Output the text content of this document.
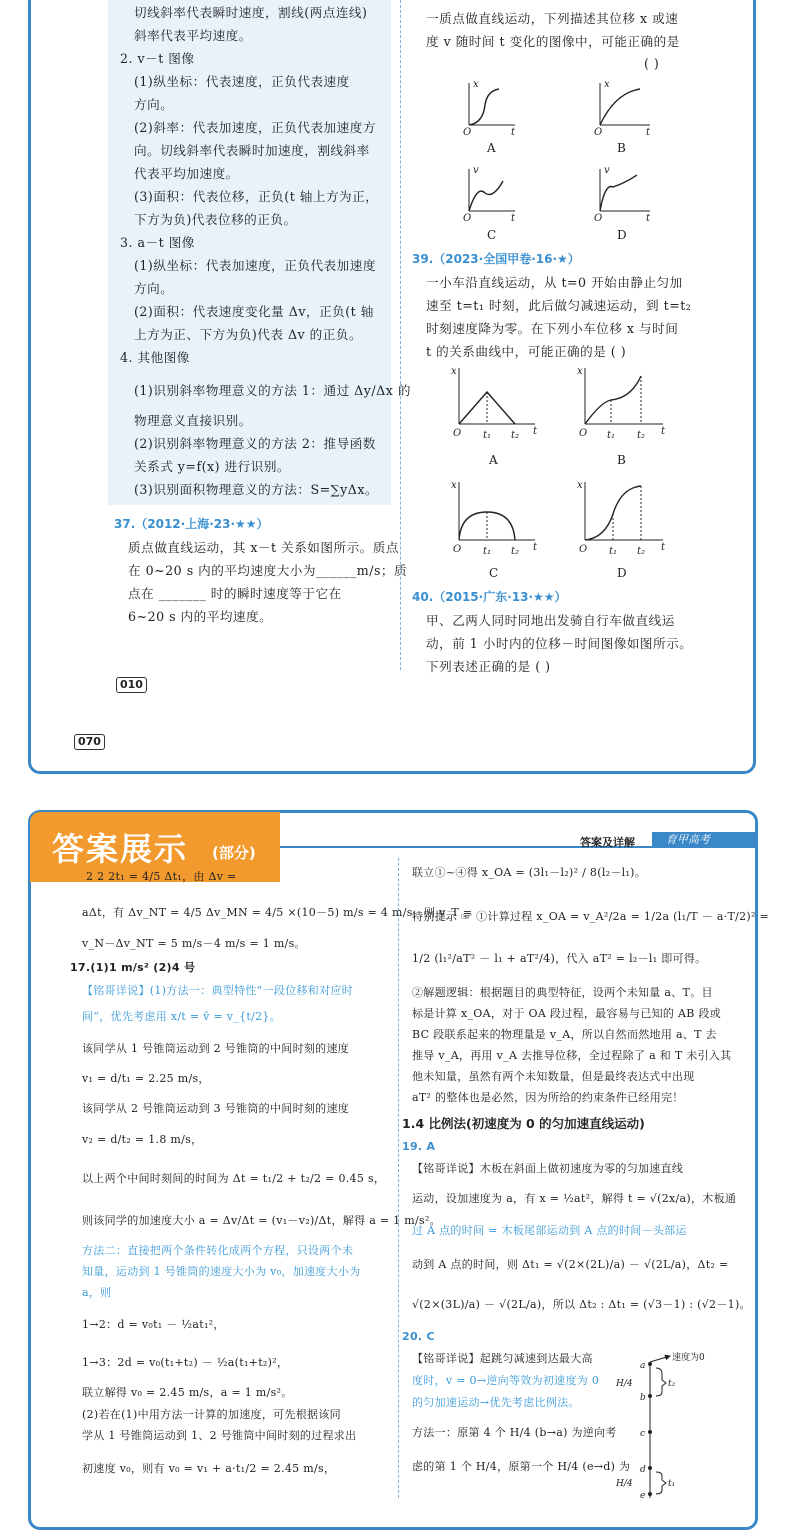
切线斜率代表瞬时速度，割线(两点连线)
斜率代表平均速度。
2. v－t 图像
(1)纵坐标：代表速度，正负代表速度
方向。
(2)斜率：代表加速度，正负代表加速度方
向。切线斜率代表瞬时加速度，割线斜率
代表平均加速度。
(3)面积：代表位移，正负(t 轴上方为正，
下方为负)代表位移的正负。
3. a－t 图像
(1)纵坐标：代表加速度，正负代表加速度
方向。
(2)面积：代表速度变化量 Δv，正负(t 轴
上方为正、下方为负)代表 Δv 的正负。
4. 其他图像
(1)识别斜率物理意义的方法 1：通过 Δy/Δx 的
物理意义直接识别。
(2)识别斜率物理意义的方法 2：推导函数
关系式 y=f(x) 进行识别。
(3)识别面积物理意义的方法：S=∑yΔx。
37.（2012·上海·23·★★）
质点做直线运动，其 x－t 关系如图所示。质点
在 0~20 s 内的平均速度大小为______m/s；质
点在 _______ 时的瞬时速度等于它在
6~20 s 内的平均速度。
一质点做直线运动，下列描述其位移 x 或速
度 v 随时间 t 变化的图像中，可能正确的是
( )
x
t
O
x
t
O
v
t
O
v
t
O
A	B
C	D
39.（2023·全国甲卷·16·★）
一小车沿直线运动，从 t=0 开始由静止匀加
速至 t=t₁ 时刻，此后做匀减速运动，到 t=t₂
时刻速度降为零。在下列小车位移 x 与时间
t 的关系曲线中，可能正确的是 ( )
x
O t₁ t₂ t
x
O t₁ t₂ t
x
O t₁ t₂ t
x
O t₁ t₂ t
A	B
C	D
40.（2015·广东·13·★★）
甲、乙两人同时同地出发骑自行车做直线运
动，前 1 小时内的位移－时间图像如图所示。
下列表述正确的是 ( )
010
070
答案及详解	育甲高考
答案展示 (部分)
2 2 2t₁ = 4/5 Δt₁，由 Δv =
aΔt，有 Δv_NT = 4/5 Δv_MN = 4/5 ×(10－5) m/s = 4 m/s，则 v_T =
v_N－Δv_NT = 5 m/s－4 m/s = 1 m/s。
17.(1)1 m/s² (2)4 号
【铭哥详说】(1)方法一：典型特性“一段位移和对应时
间”，优先考虑用 x/t = v̄ = v_{t/2}。
该同学从 1 号锥筒运动到 2 号锥筒的中间时刻的速度
v₁ = d/t₁ = 2.25 m/s，
该同学从 2 号锥筒运动到 3 号锥筒的中间时刻的速度
v₂ = d/t₂ = 1.8 m/s，
以上两个中间时刻间的时间为 Δt = t₁/2 + t₂/2 = 0.45 s，
则该同学的加速度大小 a = Δv/Δt = (v₁－v₂)/Δt，解得 a = 1 m/s²。
方法二：直接把两个条件转化成两个方程，只设两个未
知量，运动到 1 号锥筒的速度大小为 v₀，加速度大小为
a，则
1→2：d = v₀t₁ － ½at₁²，
1→3：2d = v₀(t₁+t₂) － ½a(t₁+t₂)²，
联立解得 v₀ = 2.45 m/s，a = 1 m/s²。
(2)若在(1)中用方法一计算的加速度，可先根据该同
学从 1 号锥筒运动到 1、2 号锥筒中间时刻的过程求出
初速度 v₀，则有 v₀ = v₁ + a·t₁/2 = 2.45 m/s，
联立①~④得 x_OA = (3l₁－l₂)² / 8(l₂－l₁)。
特别提示 ☞ ①计算过程 x_OA = v_A²/2a = 1/2a (l₁/T － a·T/2)² =
1/2 (l₁²/aT² － l₁ + aT²/4)，代入 aT² = l₂－l₁ 即可得。
②解题逻辑：根据题目的典型特征，设两个未知量 a、T。目
标是计算 x_OA，对于 OA 段过程，最容易与已知的 AB 段或
BC 段联系起来的物理量是 v_A，所以自然而然地用 a、T 去
推导 v_A，再用 v_A 去推导位移，全过程除了 a 和 T 未引入其
他未知量，虽然有两个未知数量，但是最终表达式中出现
aT² 的整体也是必然，因为所给的约束条件已经用完！
1.4 比例法(初速度为 0 的匀加速直线运动)
19. A
【铭哥详说】木板在斜面上做初速度为零的匀加速直线
运动，设加速度为 a，有 x = ½at²，解得 t = √(2x/a)，木板通
过 A 点的时间 = 木板尾部运动到 A 点的时间－头部运
动到 A 点的时间，则 Δt₁ = √(2×(2L)/a) － √(2L/a)，Δt₂ =
√(2×(3L)/a) － √(2L/a)，所以 Δt₂ : Δt₁ = (√3－1) : (√2－1)。
20. C
【铭哥详说】起跳匀减速到达最大高
度时，v = 0→逆向等效为初速度为 0
的匀加速运动→优先考虑比例法。
方法一：原第 4 个 H/4 (b→a) 为逆向考
虑的第 1 个 H/4，原第一个 H/4 (e→d) 为
速度为0
a
b
c
d
e
H/4
H/4
t₂
t₁
